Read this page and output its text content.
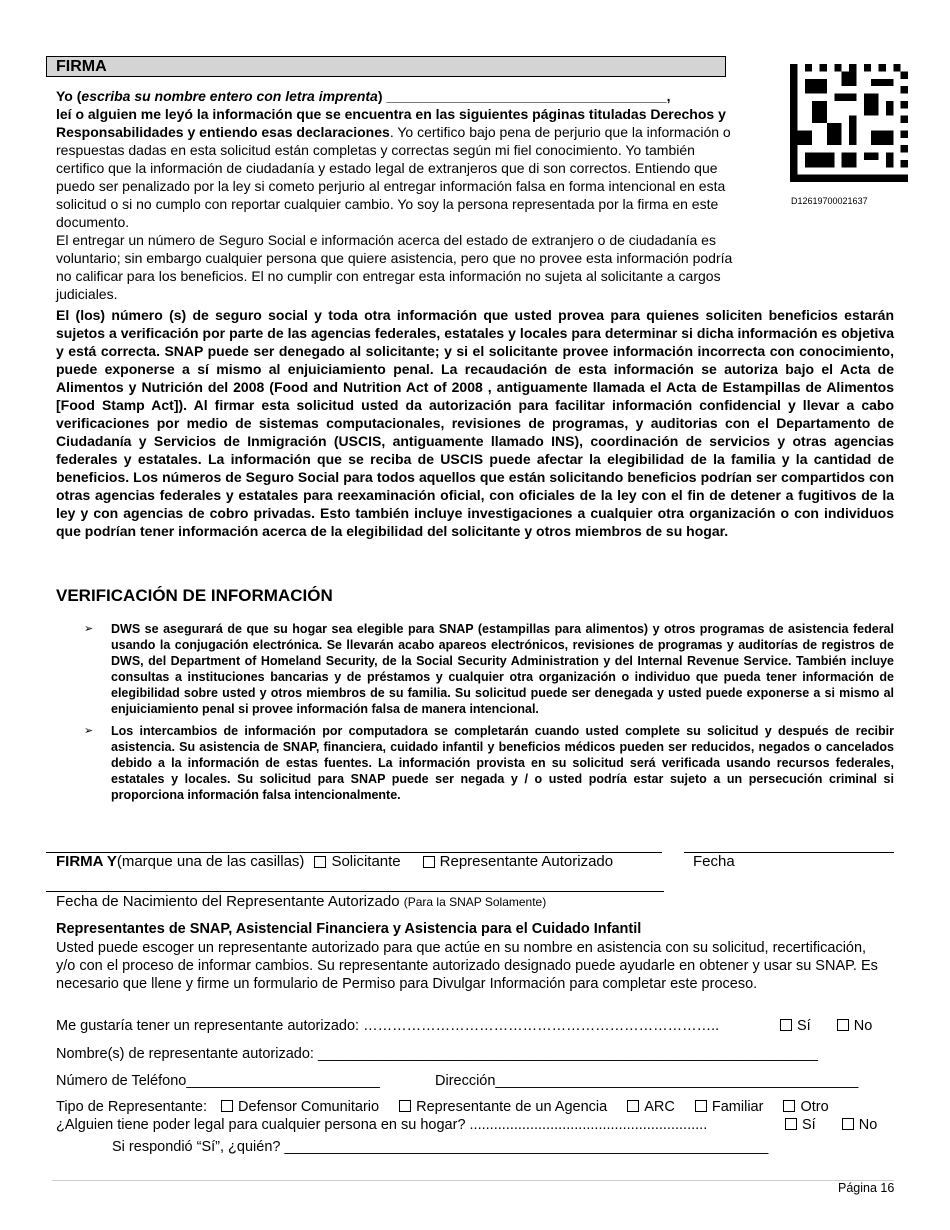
FIRMA
Yo (escriba su nombre entero con letra imprenta) ____________________________________,
leí o alguien me leyó la información que se encuentra en las siguientes páginas tituladas Derechos y Responsabilidades y entiendo esas declaraciones. Yo certifico bajo pena de perjurio que la información o respuestas dadas en esta solicitud están completas y correctas según mi fiel conocimiento. Yo también certifico que la información de ciudadanía y estado legal de extranjeros que di son correctos. Entiendo que puedo ser penalizado por la ley si cometo perjurio al entregar información falsa en forma intencional en esta solicitud o si no cumplo con reportar cualquier cambio. Yo soy la persona representada por la firma en este documento.
El entregar un número de Seguro Social e información acerca del estado de extranjero o de ciudadanía es voluntario; sin embargo cualquier persona que quiere asistencia, pero que no provee esta información podría no calificar para los beneficios. El no cumplir con entregar esta información no sujeta al solicitante a cargos judiciales.
D12619700021637
El (los) número (s) de seguro social y toda otra información que usted provea para quienes soliciten beneficios estarán sujetos a verificación por parte de las agencias federales, estatales y locales para determinar si dicha información es objetiva y está correcta. SNAP puede ser denegado al solicitante; y si el solicitante provee información incorrecta con conocimiento, puede exponerse a sí mismo al enjuiciamiento penal. La recaudación de esta información se autoriza bajo el Acta de Alimentos y Nutrición del 2008 (Food and Nutrition Act of 2008 , antiguamente llamada el Acta de Estampillas de Alimentos [Food Stamp Act]). Al firmar esta solicitud usted da autorización para facilitar información confidencial y llevar a cabo verificaciones por medio de sistemas computacionales, revisiones de programas, y auditorias con el Departamento de Ciudadanía y Servicios de Inmigración (USCIS, antiguamente llamado INS), coordinación de servicios y otras agencias federales y estatales. La información que se reciba de USCIS puede afectar la elegibilidad de la familia y la cantidad de beneficios. Los números de Seguro Social para todos aquellos que están solicitando beneficios podrían ser compartidos con otras agencias federales y estatales para reexaminación oficial, con oficiales de la ley con el fin de detener a fugitivos de la ley y con agencias de cobro privadas. Esto también incluye investigaciones a cualquier otra organización o con individuos que podrían tener información acerca de la elegibilidad del solicitante y otros miembros de su hogar.
VERIFICACIÓN DE INFORMACIÓN
➢	DWS se asegurará de que su hogar sea elegible para SNAP (estampillas para alimentos) y otros programas de asistencia federal usando la conjugación electrónica. Se llevarán acabo apareos electrónicos, revisiones de programas y auditorías de registros de DWS, del Department of Homeland Security, de la Social Security Administration y del Internal Revenue Service. También incluye consultas a instituciones bancarias y de préstamos y cualquier otra organización o individuo que pueda tener información de elegibilidad sobre usted y otros miembros de su familia. Su solicitud puede ser denegada y usted puede exponerse a si mismo al enjuiciamiento penal si provee información falsa de manera intencional.
➢	Los intercambios de información por computadora se completarán cuando usted complete su solicitud y después de recibir asistencia. Su asistencia de SNAP, financiera, cuidado infantil y beneficios médicos pueden ser reducidos, negados o cancelados debido a la información de estas fuentes. La información provista en su solicitud será verificada usando recursos federales, estatales y locales. Su solicitud para SNAP puede ser negada y / o usted podría estar sujeto a un persecución criminal si proporciona información falsa intencionalmente.
FIRMA Y (marque una de las casillas) Solicitante	Representante Autorizado	Fecha
Fecha de Nacimiento del Representante Autorizado (Para la SNAP Solamente)
Representantes de SNAP, Asistencial Financiera y Asistencia para el Cuidado Infantil
Usted puede escoger un representante autorizado para que actúe en su nombre en asistencia con su solicitud, recertificación, y/o con el proceso de informar cambios. Su representante autorizado designado puede ayudarle en obtener y usar su SNAP. Es necesario que llene y firme un formulario de Permiso para Divulgar Información para completar este proceso.
Me gustaría tener un representante autorizado: ………………………………………………………………..	Sí	No
Nombre(s) de representante autorizado: ______________________________________________________________
Número de Teléfono________________________	Dirección_____________________________________________
Tipo de Representante: Defensor Comunitario	Representante de un Agencia	ARC	Familiar	Otro
¿Alguien tiene poder legal para cualquier persona en su hogar? ...........................................................	Sí	No
Si respondió “Sí”, ¿quién? ____________________________________________________________
Página 16
